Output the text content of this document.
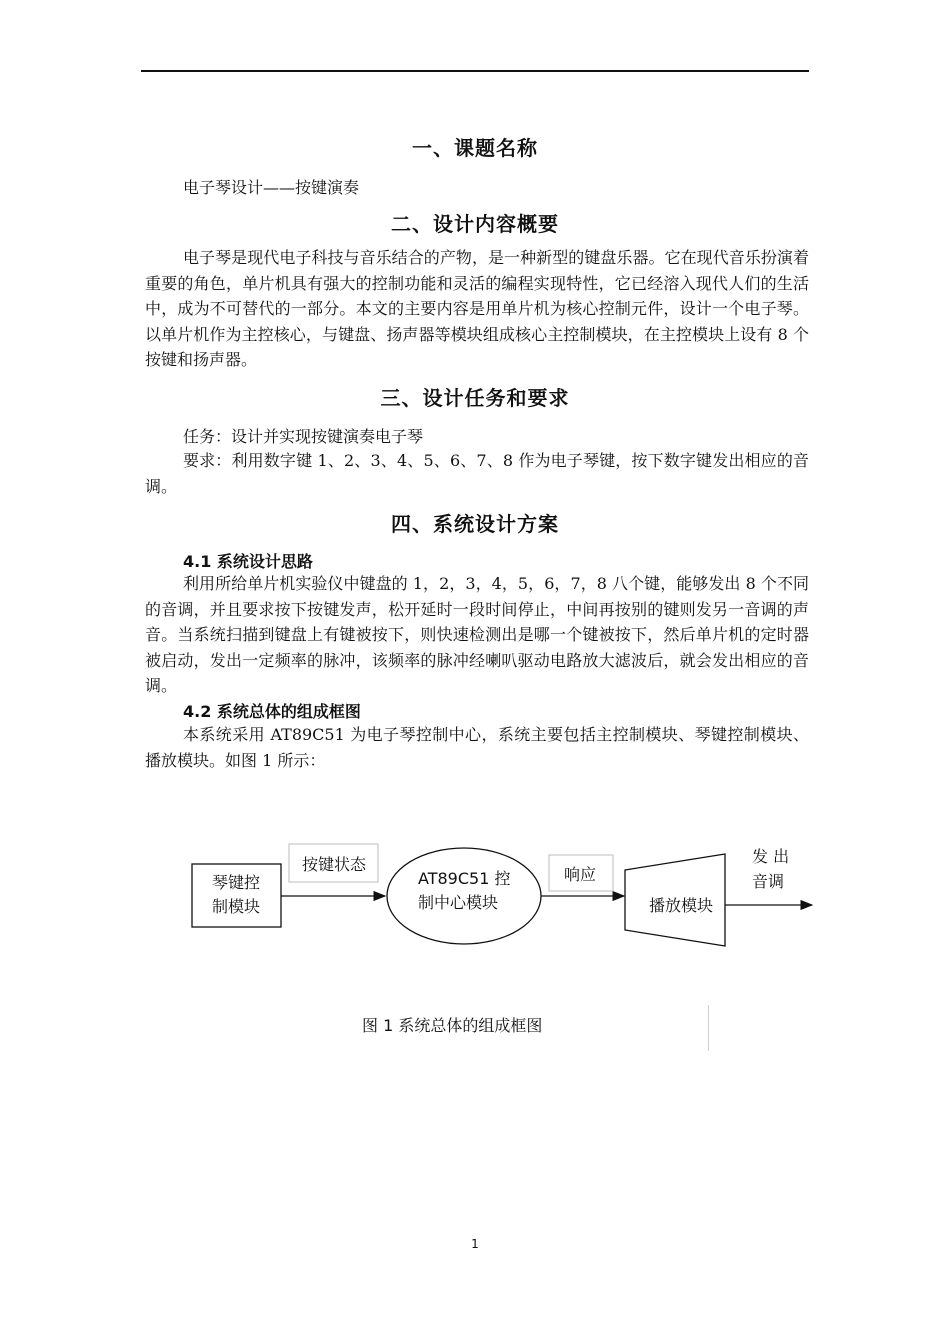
一、课题名称
电子琴设计——按键演奏
二、设计内容概要

电子琴是现代电子科技与音乐结合的产物，是一种新型的键盘乐器。它在现代音乐扮演着重要的角色，单片机具有强大的控制功能和灵活的编程实现特性，它已经溶入现代人们的生活中，成为不可替代的一部分。本文的主要内容是用单片机为核心控制元件，设计一个电子琴。以单片机作为主控核心，与键盘、扬声器等模块组成核心主控制模块，在主控模块上设有 8 个按键和扬声器。

三、设计任务和要求
任务：设计并实现按键演奏电子琴

要求：利用数字键 1、2、3、4、5、6、7、8 作为电子琴键，按下数字键发出相应的音调。

四、系统设计方案
4.1 系统设计思路

利用所给单片机实验仪中键盘的 1，2，3，4，5，6，7，8 八个键，能够发出 8 个不同的音调，并且要求按下按键发声，松开延时一段时间停止，中间再按别的键则发另一音调的声音。当系统扫描到键盘上有键被按下，则快速检测出是哪一个键被按下，然后单片机的定时器被启动，发出一定频率的脉冲，该频率的脉冲经喇叭驱动电路放大滤波后，就会发出相应的音调。

4.2 系统总体的组成框图

本系统采用 AT89C51 为电子琴控制中心，系统主要包括主控制模块、琴键控制模块、播放模块。如图 1 所示：

琴键控
制模块
按键状态
AT89C51 控
制中心模块
响应
播放模块
发 出
音调
图 1 系统总体的组成框图
1
